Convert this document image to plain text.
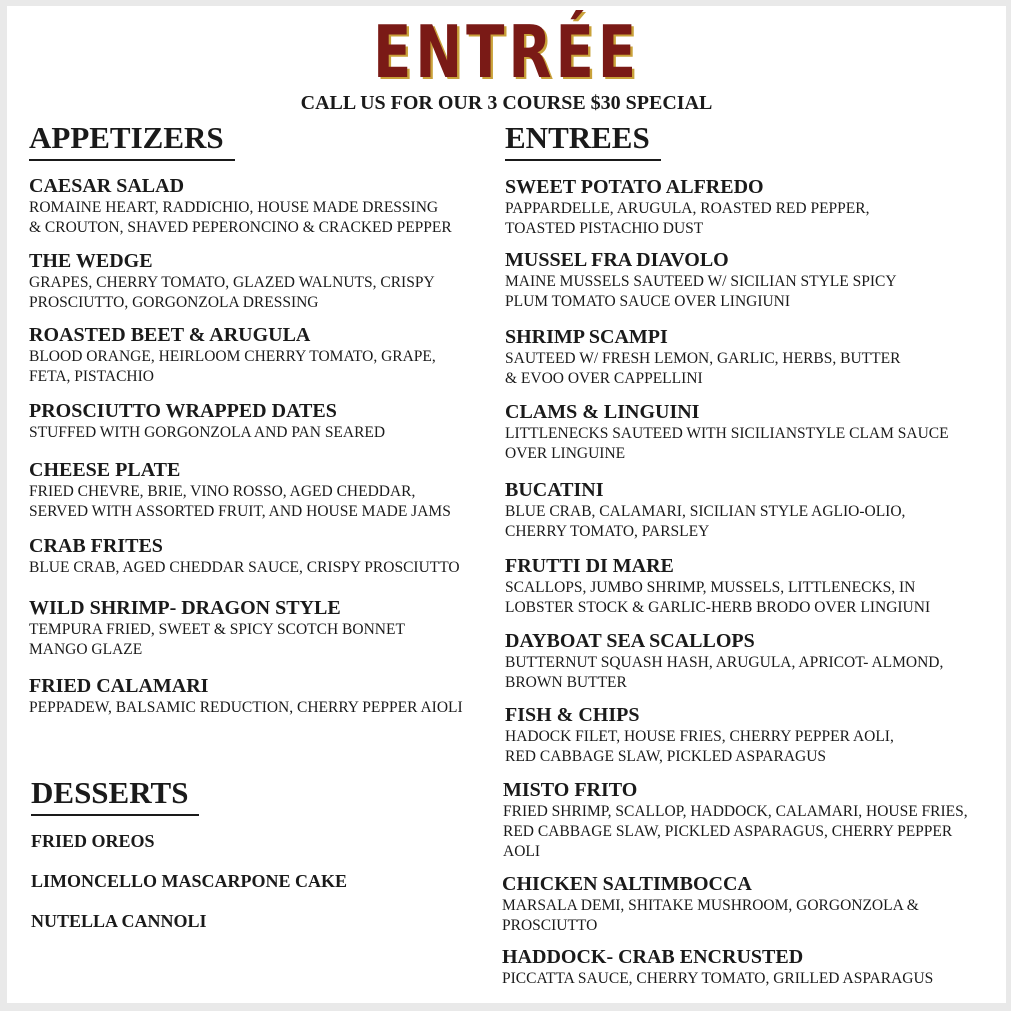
ENTRÉE
CALL US FOR OUR 3 COURSE $30 SPECIAL
APPETIZERS
CAESAR SALAD
ROMAINE HEART, RADDICHIO, HOUSE MADE DRESSING
& CROUTON, SHAVED PEPERONCINO & CRACKED PEPPER
THE WEDGE
GRAPES, CHERRY TOMATO, GLAZED WALNUTS, CRISPY
PROSCIUTTO, GORGONZOLA DRESSING
ROASTED BEET & ARUGULA
BLOOD ORANGE, HEIRLOOM CHERRY TOMATO, GRAPE,
FETA, PISTACHIO
PROSCIUTTO WRAPPED DATES
STUFFED WITH GORGONZOLA AND PAN SEARED
CHEESE PLATE
FRIED CHEVRE, BRIE, VINO ROSSO, AGED CHEDDAR,
SERVED WITH ASSORTED FRUIT, AND HOUSE MADE JAMS
CRAB FRITES
BLUE CRAB, AGED CHEDDAR SAUCE, CRISPY PROSCIUTTO
WILD SHRIMP- DRAGON STYLE
TEMPURA FRIED, SWEET & SPICY SCOTCH BONNET
MANGO GLAZE
FRIED CALAMARI
PEPPADEW, BALSAMIC REDUCTION, CHERRY PEPPER AIOLI
DESSERTS
FRIED OREOS
LIMONCELLO MASCARPONE CAKE
NUTELLA CANNOLI
ENTREES
SWEET POTATO ALFREDO
PAPPARDELLE, ARUGULA, ROASTED RED PEPPER,
TOASTED PISTACHIO DUST
MUSSEL FRA DIAVOLO
MAINE MUSSELS SAUTEED W/ SICILIAN STYLE SPICY
PLUM TOMATO SAUCE OVER LINGIUNI
SHRIMP SCAMPI
SAUTEED W/ FRESH LEMON, GARLIC, HERBS, BUTTER
& EVOO OVER CAPPELLINI
CLAMS & LINGUINI
LITTLENECKS SAUTEED WITH SICILIANSTYLE CLAM SAUCE
OVER LINGUINE
BUCATINI
BLUE CRAB, CALAMARI, SICILIAN STYLE AGLIO-OLIO,
CHERRY TOMATO, PARSLEY
FRUTTI DI MARE
SCALLOPS, JUMBO SHRIMP, MUSSELS, LITTLENECKS, IN
LOBSTER STOCK & GARLIC-HERB BRODO OVER LINGIUNI
DAYBOAT SEA SCALLOPS
BUTTERNUT SQUASH HASH, ARUGULA, APRICOT- ALMOND,
BROWN BUTTER
FISH & CHIPS
HADOCK FILET, HOUSE FRIES, CHERRY PEPPER AOLI,
RED CABBAGE SLAW, PICKLED ASPARAGUS
MISTO FRITO
FRIED SHRIMP, SCALLOP, HADDOCK, CALAMARI, HOUSE FRIES,
RED CABBAGE SLAW, PICKLED ASPARAGUS, CHERRY PEPPER
AOLI
CHICKEN SALTIMBOCCA
MARSALA DEMI, SHITAKE MUSHROOM, GORGONZOLA &
PROSCIUTTO
HADDOCK- CRAB ENCRUSTED
PICCATTA SAUCE, CHERRY TOMATO, GRILLED ASPARAGUS
